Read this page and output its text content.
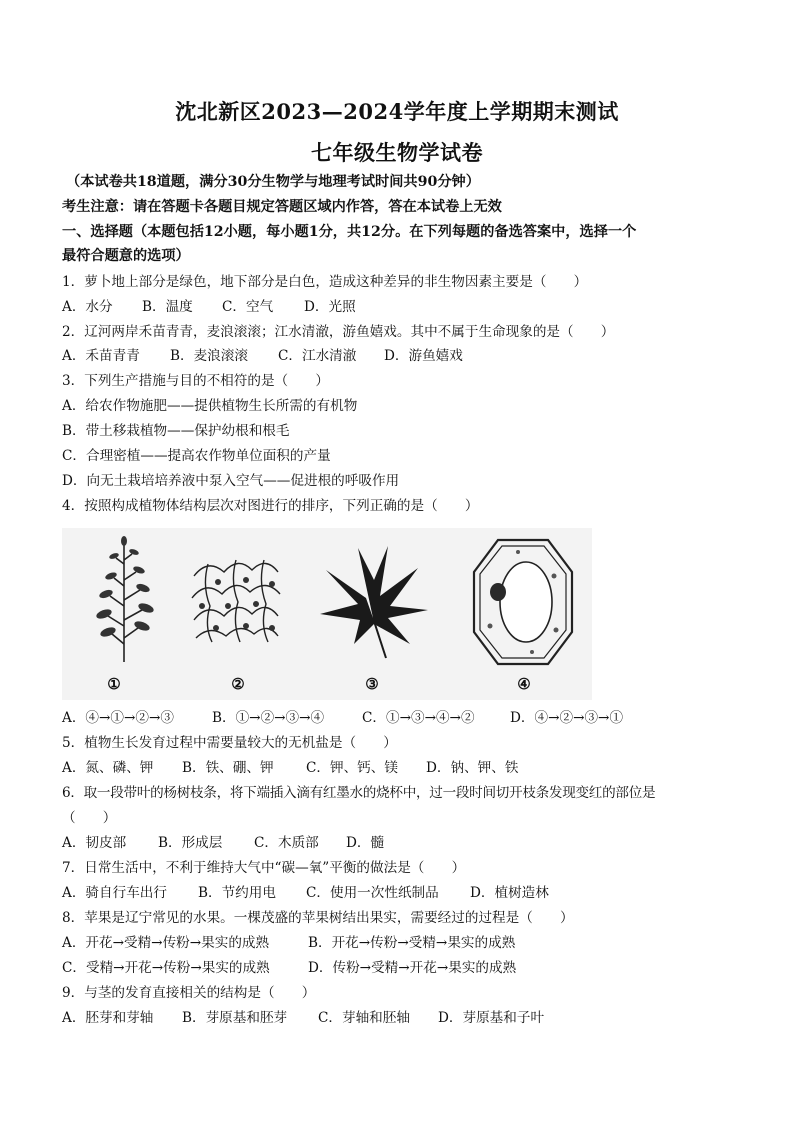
沈北新区2023—2024学年度上学期期末测试
七年级生物学试卷
（本试卷共18道题，满分30分生物学与地理考试时间共90分钟）
考生注意：请在答题卡各题目规定答题区域内作答，答在本试卷上无效
一、选择题（本题包括12小题，每小题1分，共12分。在下列每题的备选答案中，选择一个
最符合题意的选项）
1．萝卜地上部分是绿色，地下部分是白色，造成这种差异的非生物因素主要是（　　）
A．水分 B．温度 C．空气 D．光照
2．辽河两岸禾苗青青，麦浪滚滚；江水清澈，游鱼嬉戏。其中不属于生命现象的是（　　）
A．禾苗青青 B．麦浪滚滚 C．江水清澈 D．游鱼嬉戏
3．下列生产措施与目的不相符的是（　　）
A．给农作物施肥——提供植物生长所需的有机物
B．带土移栽植物——保护幼根和根毛
C．合理密植——提高农作物单位面积的产量
D．向无土栽培培养液中泵入空气——促进根的呼吸作用
4．按照构成植物体结构层次对图进行的排序，下列正确的是（　　）
①	②	③	④
A．④→①→②→③	B．①→②→③→④	C．①→③→④→②	D．④→②→③→①
5．植物生长发育过程中需要量较大的无机盐是（　　）
A．氮、磷、钾 B．铁、硼、钾 C．钾、钙、镁 D．钠、钾、铁
6．取一段带叶的杨树枝条，将下端插入滴有红墨水的烧杯中，过一段时间切开枝条发现变红的部位是
（　　）
A．韧皮部 B．形成层 C．木质部 D．髓
7．日常生活中，不利于维持大气中“碳—氧”平衡的做法是（　　）
A．骑自行车出行 B．节约用电 C．使用一次性纸制品 D．植树造林
8．苹果是辽宁常见的水果。一棵茂盛的苹果树结出果实，需要经过的过程是（　　）
A．开花→受精→传粉→果实的成熟	B．开花→传粉→受精→果实的成熟
C．受精→开花→传粉→果实的成熟	D．传粉→受精→开花→果实的成熟
9．与茎的发育直接相关的结构是（　　）
A．胚芽和芽轴 B．芽原基和胚芽 C．芽轴和胚轴 D．芽原基和子叶
